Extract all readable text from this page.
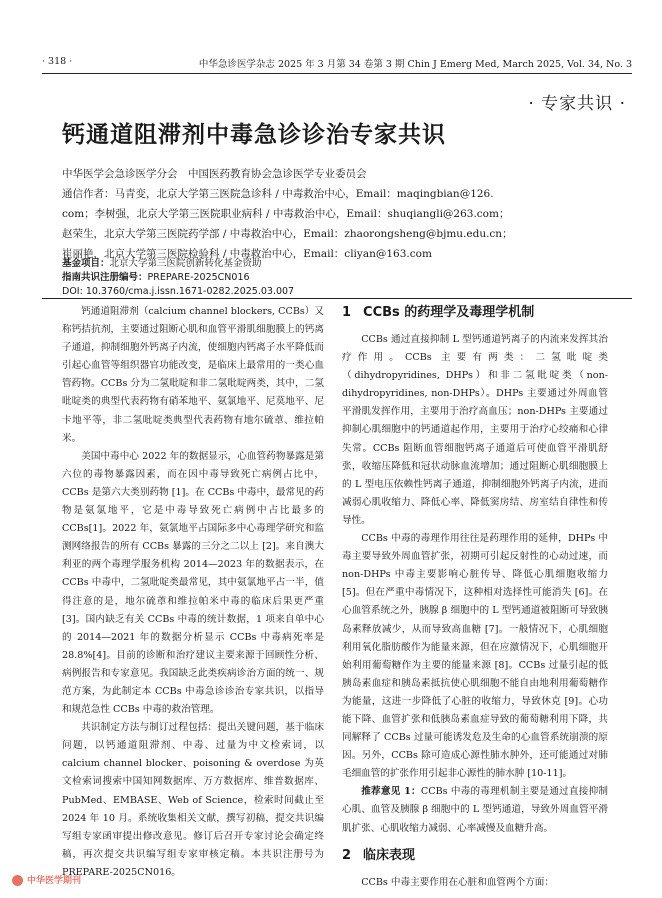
· 318 ·	中华急诊医学杂志 2025 年 3 月第 34 卷第 3 期 Chin J Emerg Med, March 2025, Vol. 34, No. 3
· 专家共识 ·
钙通道阻滞剂中毒急诊诊治专家共识
中华医学会急诊医学分会　中国医药教育协会急诊医学专业委员会
通信作者：马青变，北京大学第三医院急诊科 / 中毒救治中心，Email：maqingbian@126.
com；李树强，北京大学第三医院职业病科 / 中毒救治中心，Email：shuqiangli@263.com；
赵荣生，北京大学第三医院药学部 / 中毒救治中心，Email：zhaorongsheng@bjmu.edu.cn；
崔丽艳，北京大学第三医院检验科 / 中毒救治中心，Email：cliyan@163.com
基金项目：北京大学第三医院创新转化基金资助
指南共识注册编号：PREPARE-2025CN016
DOI: 10.3760/cma.j.issn.1671-0282.2025.03.007

钙通道阻滞剂（calcium channel blockers, CCBs）又称钙拮抗剂，主要通过阻断心肌和血管平滑肌细胞膜上的钙离子通道，抑制细胞外钙离子内流，使细胞内钙离子水平降低而引起心血管等组织器官功能改变，是临床上最常用的一类心血管药物。CCBs 分为二氢吡啶和非二氢吡啶两类，其中，二氢吡啶类的典型代表药物有硝苯地平、氨氯地平、尼莫地平、尼卡地平等，非二氢吡啶类典型代表药物有地尔硫䓬、维拉帕米。

美国中毒中心 2022 年的数据显示，心血管药物暴露是第六位的毒物暴露因素，而在因中毒导致死亡病例占比中，CCBs 是第六大类别药物 [1]。在 CCBs 中毒中，最常见的药物是氨氯地平，它是中毒导致死亡病例中占比最多的 CCBs[1]。2022 年，氨氯地平占国际多中心毒理学研究和监测网络报告的所有 CCBs 暴露的三分之二以上 [2]。来自澳大利亚的两个毒理学服务机构 2014—2023 年的数据表示，在 CCBs 中毒中，二氢吡啶类最常见，其中氨氯地平占一半，值得注意的是，地尔硫䓬和维拉帕米中毒的临床后果更严重 [3]。国内缺乏有关 CCBs 中毒的统计数据，1 项来自单中心的 2014—2021 年的数据分析显示 CCBs 中毒病死率是 28.8%[4]。目前的诊断和治疗建议主要来源于回顾性分析、病例报告和专家意见。我国缺乏此类疾病诊治方面的统一、规范方案，为此制定本 CCBs 中毒急诊诊治专家共识，以指导和规范急性 CCBs 中毒的救治管理。

共识制定方法与制订过程包括：提出关键问题，基于临床问题，以钙通道阻滞剂、中毒、过量为中文检索词，以 calcium channel blocker、poisoning & overdose 为英文检索词搜索中国知网数据库、万方数据库、维普数据库、PubMed、EMBASE、Web of Science，检索时间截止至 2024 年 10 月。系统收集相关文献，撰写初稿，提交共识编写组专家函审提出修改意见。修订后召开专家讨论会确定终稿，再次提交共识编写组专家审核定稿。本共识注册号为 PREPARE-2025CN016。

1 CCBs 的药理学及毒理学机制

CCBs 通过直接抑制 L 型钙通道钙离子的内流来发挥其治疗作用。CCBs 主要有两类：二氢吡啶类（dihydropyridines, DHPs）和非二氢吡啶类（non-dihydropyridines, non-DHPs）。DHPs 主要通过外周血管平滑肌发挥作用，主要用于治疗高血压；non-DHPs 主要通过抑制心肌细胞中的钙通道起作用，主要用于治疗心绞痛和心律失常。CCBs 阻断血管细胞钙离子通道后可使血管平滑肌舒张，收缩压降低和冠状动脉血流增加；通过阻断心肌细胞膜上的 L 型电压依赖性钙离子通道，抑制细胞外钙离子内流，进而减弱心肌收缩力、降低心率、降低窦房结、房室结自律性和传导性。

CCBs 中毒的毒理作用往往是药理作用的延伸，DHPs 中毒主要导致外周血管扩张，初期可引起反射性的心动过速，而 non-DHPs 中毒主要影响心脏传导、降低心肌细胞收缩力 [5]。但在严重中毒情况下，这种相对选择性可能消失 [6]。在心血管系统之外，胰腺 β 细胞中的 L 型钙通道被阻断可导致胰岛素释放减少，从而导致高血糖 [7]。一般情况下，心肌细胞利用氧化脂肪酸作为能量来源，但在应激情况下，心肌细胞开始利用葡萄糖作为主要的能量来源 [8]。CCBs 过量引起的低胰岛素血症和胰岛素抵抗使心肌细胞不能自由地利用葡萄糖作为能量，这进一步降低了心脏的收缩力，导致休克 [9]。心功能下降、血管扩张和低胰岛素血症导致的葡萄糖利用下降，共同解释了 CCBs 过量可能诱发危及生命的心血管系统崩溃的原因。另外，CCBs 除可造成心源性肺水肿外，还可能通过对肺毛细血管的扩张作用引起非心源性的肺水肿 [10-11]。

推荐意见 1：CCBs 中毒的毒理机制主要是通过直接抑制心肌、血管及胰腺 β 细胞中的 L 型钙通道，导致外周血管平滑肌扩张、心肌收缩力减弱、心率减慢及血糖升高。

2 临床表现

CCBs 中毒主要作用在心脏和血管两个方面：

中华医学期刊
